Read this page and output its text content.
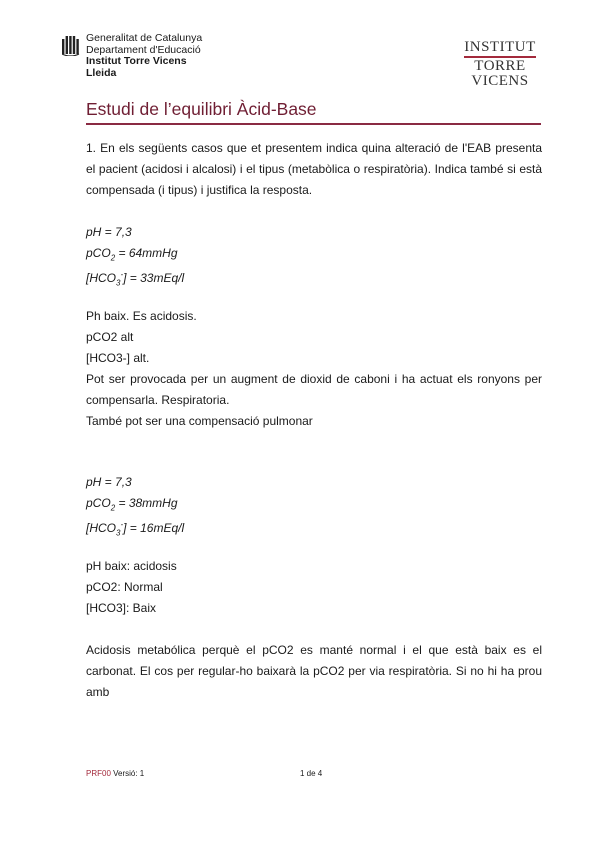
Generalitat de Catalunya
Departament d'Educació
Institut Torre Vicens
Lleida
INSTITUT
TORRE VICENS
Estudi de l’equilibri Àcid-Base
1. En els següents casos que et presentem indica quina alteració de l'EAB presenta el pacient (acidosi i alcalosi) i el tipus (metabòlica o respiratòria). Indica també si està compensada (i tipus) i justifica la resposta.
pH = 7,3
pCO$_2$ = 64mmHg
$[HCO_3^-] = 33mEq/l$
Ph baix. Es acidosis.
pCO2 alt
[HCO3-] alt.
Pot ser provocada per un augment de dioxid de caboni i ha actuat els ronyons per compensarla. Respiratoria.
També pot ser una compensació pulmonar
pH = 7,3
pCO$_2$ = 38mmHg
$[HCO_3^-] = 16mEq/l$
pH baix: acidosis
pCO2: Normal
[HCO3]: Baix
Acidosis metabólica perquè el pCO2 es manté normal i el que està baix es el carbonat. El cos per regular-ho baixarà la pCO2 per via respiratòria. Si no hi ha prou amb
PRF00 Versió: 1	1 de 4
